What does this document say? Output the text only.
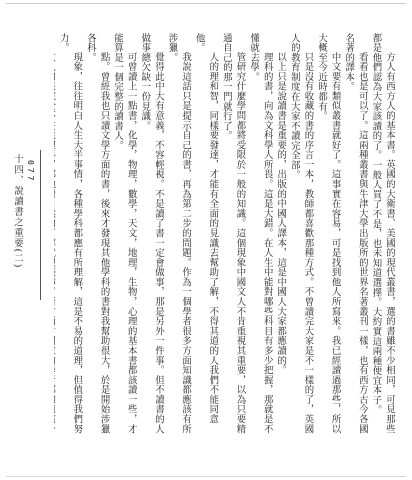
方人有西方人的基本書。英國的大衛書、美國的現代叢書，選的書雖不少相同，可見那些都是他們認為大家該讀的了。一般人買了不是，也未知道選擇。大約實這兩種便宜本子。

看看也是可以了。這兩種叢書與牛津大學出版所的世界名著叢刊一樣，也有西方古今各國名著的譯本。

中文要有類似叢書就好了。這事實在容易，可是找到他人所寫來。我已經讀過那些，所以大概至今近時都有。

只是沒有收藏的書的序言一本，教師都喜歡那種方式。不曾讀完大家是不一樣的了，英國人的教育制度在大家不讀完全部。

以上只是說讀書是重要的，出版的中國人譯本，這是中國人大家都應讀的。

理科的書，向為文科學人所畏。這是大錯。在人生中能對哪些科目有多少把握，那就是不懂就去學。

管研究什麼學問都將受限於一般的知識。這個現象中國文人不肯重視其重要，以為只要精通自己的那一門就行了。

人的理和智，同樣要發達，才能有全面的見識去幫助了解，不得其道的人我們不能同意他。

我說這話只是提示自己的書，再為第二步的問題。作為一個學者很多方面知識都應該有所涉獵。

覺得此中大有意義，不容輕視。不是讀了書一定會做事，那是另外一件事。但不讀書的人做事總欠缺一份見識。

可曾讀上一點書，化學，物理，數學，天文，地理，生物，心理的基本書都該讀一些，才能算是一個完整的讀書人。

點。曾經我也只讀文學方面的書，後來才發現其他學科的書對我幫助很大，於是開始涉獵各科。

現象，往往明白人生大半事情，各種學科都應有所理解，這是不易的道理，但值得我們努力。

十四、說讀書之重要(二) 077
